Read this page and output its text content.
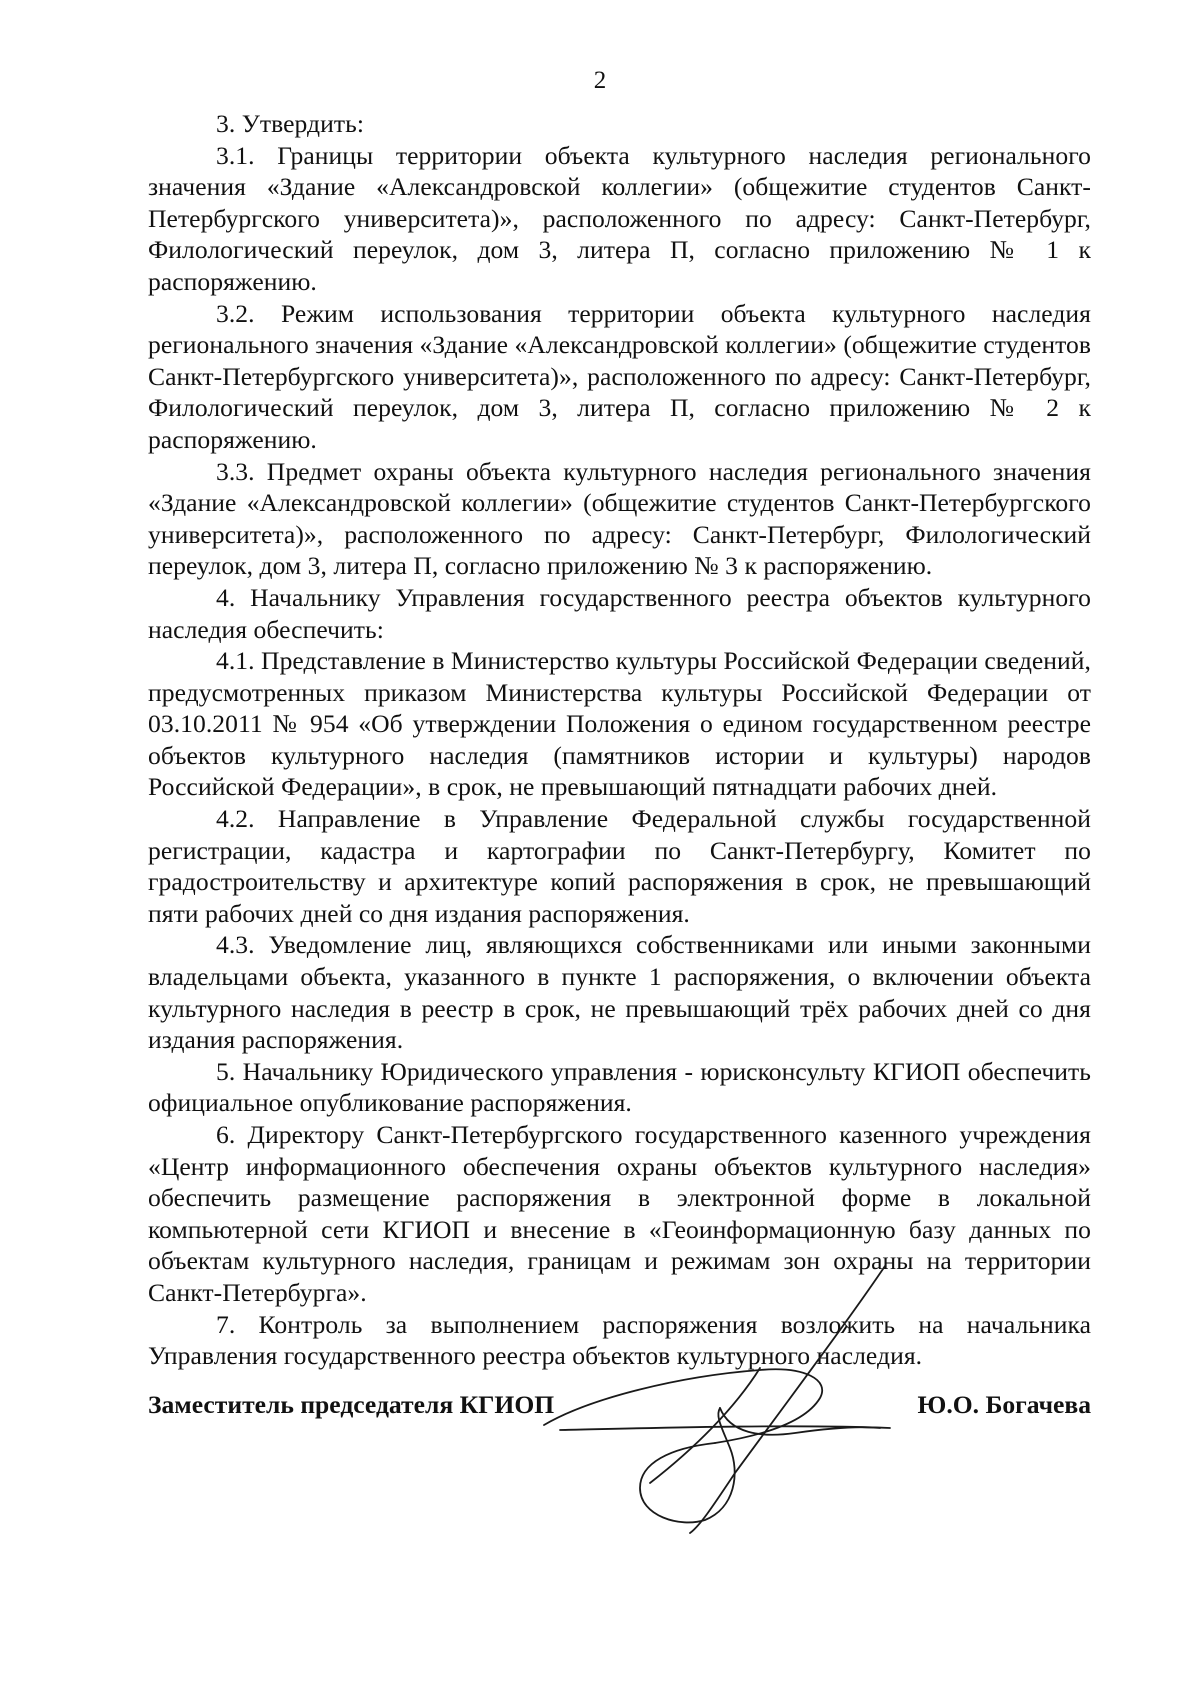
2

3. Утвердить:

3.1. Границы территории объекта культурного наследия регионального значения «Здание «Александровской коллегии» (общежитие студентов Санкт-Петербургского университета)», расположенного по адресу: Санкт-Петербург, Филологический переулок, дом 3, литера П, согласно приложению № 1 к распоряжению.

3.2. Режим использования территории объекта культурного наследия регионального значения «Здание «Александровской коллегии» (общежитие студентов Санкт-Петербургского университета)», расположенного по адресу: Санкт-Петербург, Филологический переулок, дом 3, литера П, согласно приложению № 2 к распоряжению.

3.3. Предмет охраны объекта культурного наследия регионального значения «Здание «Александровской коллегии» (общежитие студентов Санкт-Петербургского университета)», расположенного по адресу: Санкт-Петербург, Филологический переулок, дом 3, литера П, согласно приложению № 3 к распоряжению.

4. Начальнику Управления государственного реестра объектов культурного наследия обеспечить:

4.1. Представление в Министерство культуры Российской Федерации сведений, предусмотренных приказом Министерства культуры Российской Федерации от 03.10.2011 № 954 «Об утверждении Положения о едином государственном реестре объектов культурного наследия (памятников истории и культуры) народов Российской Федерации», в срок, не превышающий пятнадцати рабочих дней.

4.2. Направление в Управление Федеральной службы государственной регистрации, кадастра и картографии по Санкт-Петербургу, Комитет по градостроительству и архитектуре копий распоряжения в срок, не превышающий пяти рабочих дней со дня издания распоряжения.

4.3. Уведомление лиц, являющихся собственниками или иными законными владельцами объекта, указанного в пункте 1 распоряжения, о включении объекта культурного наследия в реестр в срок, не превышающий трёх рабочих дней со дня издания распоряжения.

5. Начальнику Юридического управления - юрисконсульту КГИОП обеспечить официальное опубликование распоряжения.

6. Директору Санкт-Петербургского государственного казенного учреждения «Центр информационного обеспечения охраны объектов культурного наследия» обеспечить размещение распоряжения в электронной форме в локальной компьютерной сети КГИОП и внесение в «Геоинформационную базу данных по объектам культурного наследия, границам и режимам зон охраны на территории Санкт-Петербурга».

7. Контроль за выполнением распоряжения возложить на начальника Управления государственного реестра объектов культурного наследия.

Заместитель председателя КГИОП	Ю.О. Богачева
